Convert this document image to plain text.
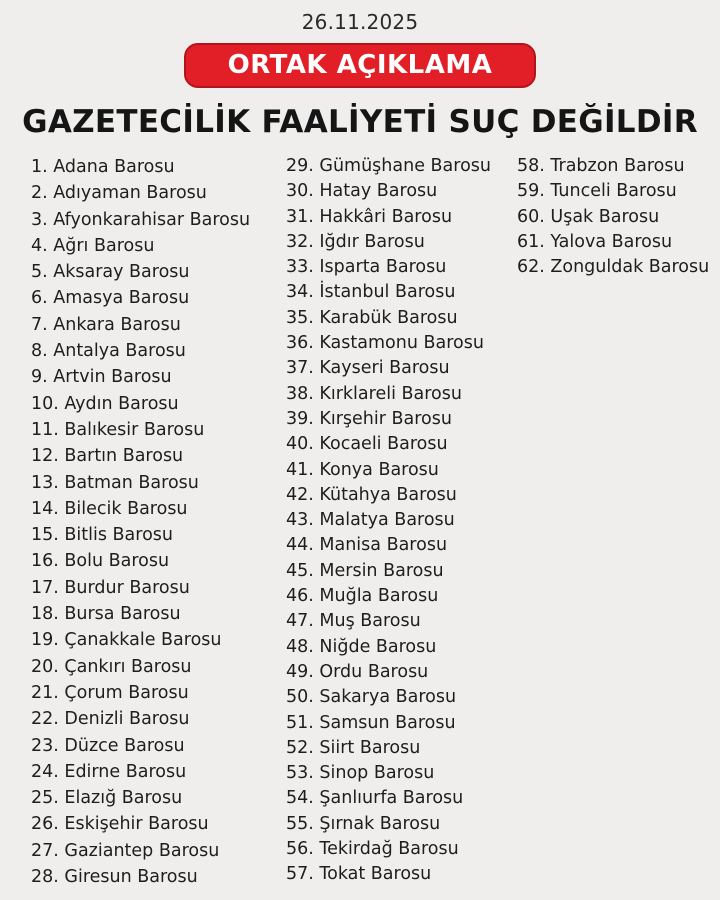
26.11.2025
ORTAK AÇIKLAMA
GAZETECİLİK FAALİYETİ SUÇ DEĞİLDİR
1. Adana Barosu
2. Adıyaman Barosu
3. Afyonkarahisar Barosu
4. Ağrı Barosu
5. Aksaray Barosu
6. Amasya Barosu
7. Ankara Barosu
8. Antalya Barosu
9. Artvin Barosu
10. Aydın Barosu
11. Balıkesir Barosu
12. Bartın Barosu
13. Batman Barosu
14. Bilecik Barosu
15. Bitlis Barosu
16. Bolu Barosu
17. Burdur Barosu
18. Bursa Barosu
19. Çanakkale Barosu
20. Çankırı Barosu
21. Çorum Barosu
22. Denizli Barosu
23. Düzce Barosu
24. Edirne Barosu
25. Elazığ Barosu
26. Eskişehir Barosu
27. Gaziantep Barosu
28. Giresun Barosu
29. Gümüşhane Barosu
30. Hatay Barosu
31. Hakkâri Barosu
32. Iğdır Barosu
33. Isparta Barosu
34. İstanbul Barosu
35. Karabük Barosu
36. Kastamonu Barosu
37. Kayseri Barosu
38. Kırklareli Barosu
39. Kırşehir Barosu
40. Kocaeli Barosu
41. Konya Barosu
42. Kütahya Barosu
43. Malatya Barosu
44. Manisa Barosu
45. Mersin Barosu
46. Muğla Barosu
47. Muş Barosu
48. Niğde Barosu
49. Ordu Barosu
50. Sakarya Barosu
51. Samsun Barosu
52. Siirt Barosu
53. Sinop Barosu
54. Şanlıurfa Barosu
55. Şırnak Barosu
56. Tekirdağ Barosu
57. Tokat Barosu
58. Trabzon Barosu
59. Tunceli Barosu
60. Uşak Barosu
61. Yalova Barosu
62. Zonguldak Barosu
